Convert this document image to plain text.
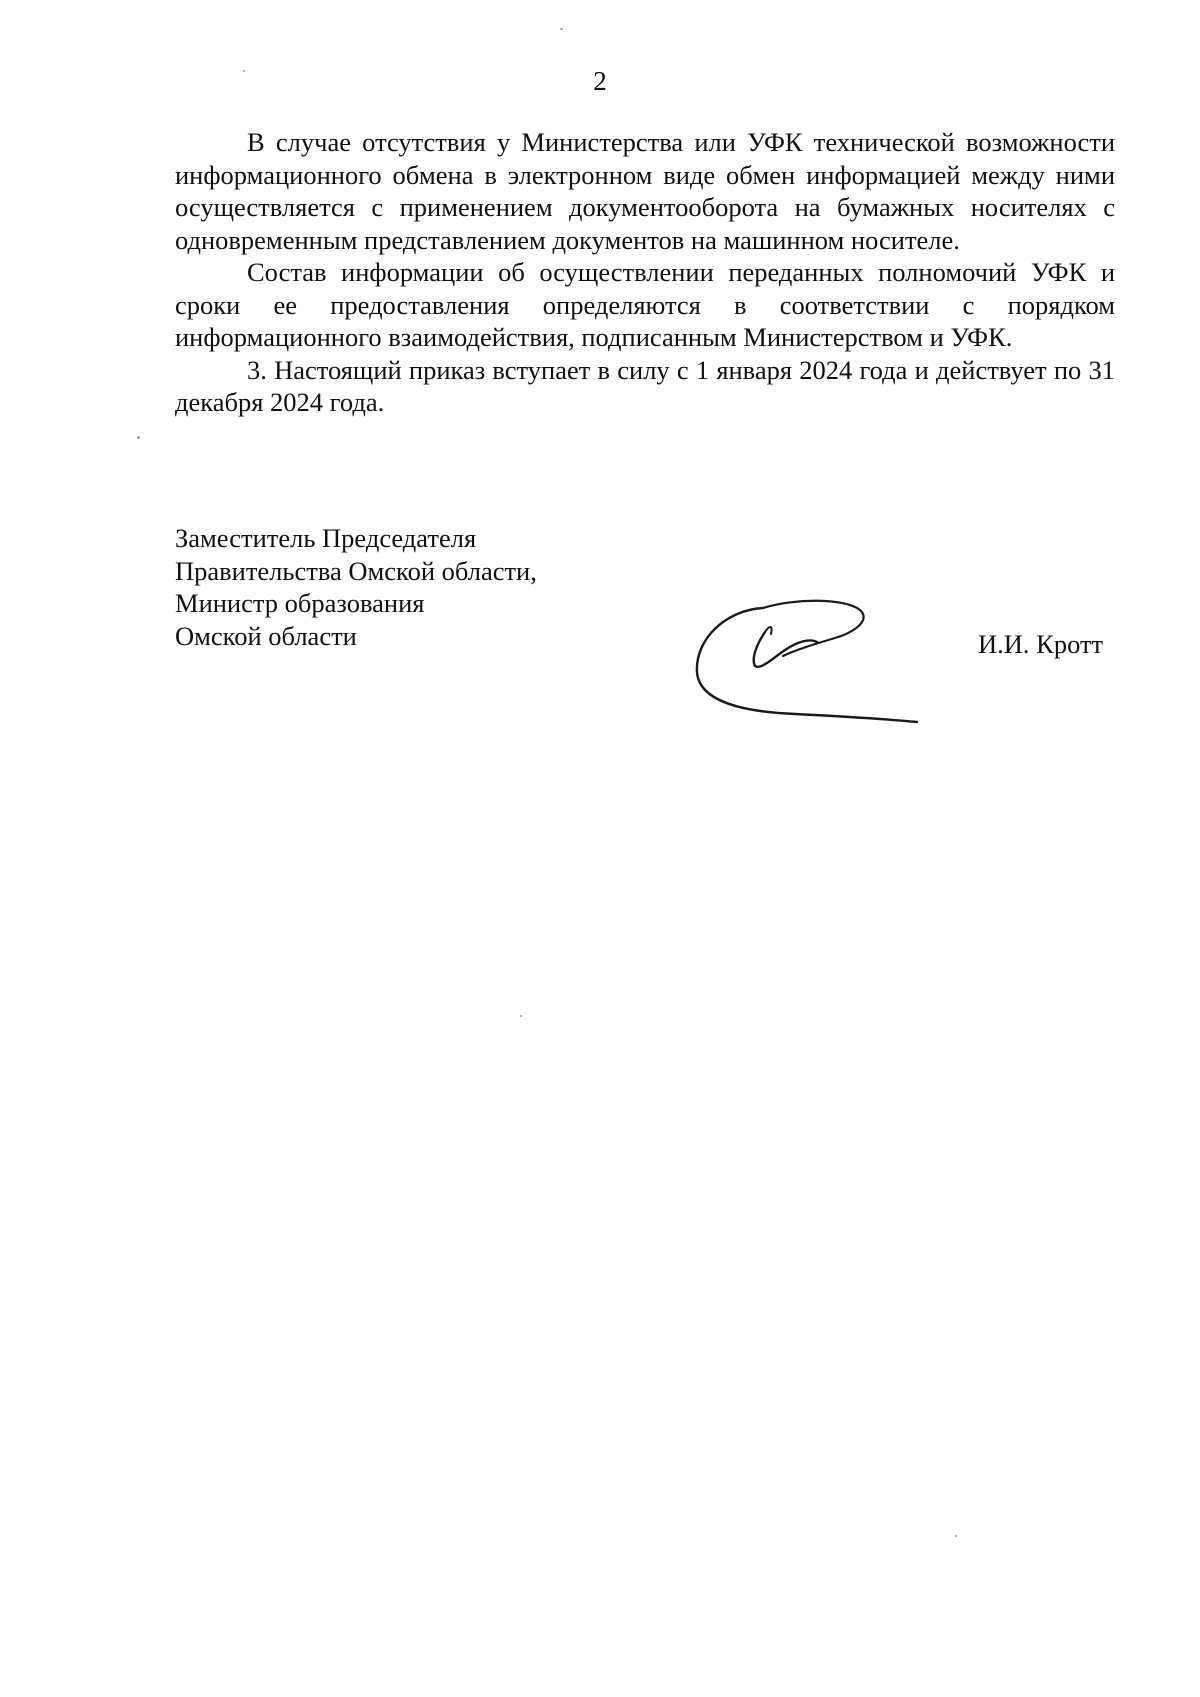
2

В случае отсутствия у Министерства или УФК технической возможности информационного обмена в электронном виде обмен информацией между ними осуществляется с применением документооборота на бумажных носителях с одновременным представлением документов на машинном носителе.

Состав информации об осуществлении переданных полномочий УФК и сроки ее предоставления определяются в соответствии с порядком информационного взаимодействия, подписанным Министерством и УФК.

3. Настоящий приказ вступает в силу с 1 января 2024 года и действует по 31 декабря 2024 года.

Заместитель Председателя
Правительства Омской области,
Министр образования
Омской области	И.И. Кротт
